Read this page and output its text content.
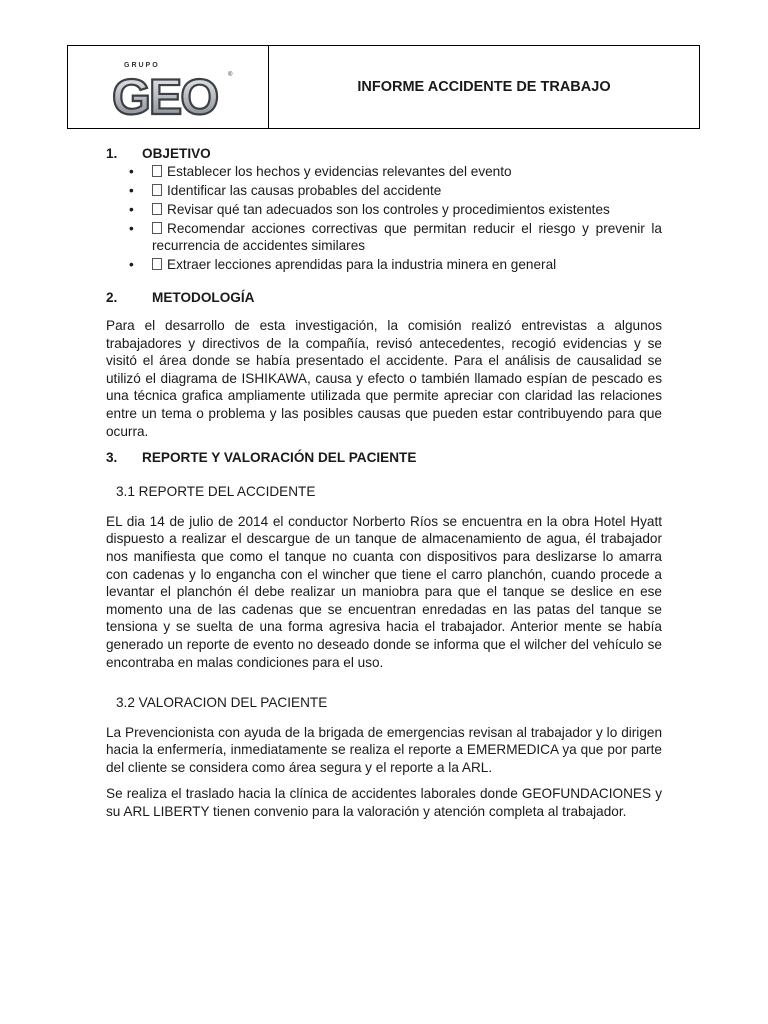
GRUPO
GEO ®
INFORME ACCIDENTE DE TRABAJO
1.	OBJETIVO
• Establecer los hechos y evidencias relevantes del evento
• Identificar las causas probables del accidente
• Revisar qué tan adecuados son los controles y procedimientos existentes
• Recomendar acciones correctivas que permitan reducir el riesgo y prevenir la recurrencia de accidentes similares
• Extraer lecciones aprendidas para la industria minera en general
2.	METODOLOGÍA

Para el desarrollo de esta investigación, la comisión realizó entrevistas a algunos trabajadores y directivos de la compañía, revisó antecedentes, recogió evidencias y se visitó el área donde se había presentado el accidente. Para el análisis de causalidad se utilizó el diagrama de ISHIKAWA, causa y efecto o también llamado espían de pescado es una técnica grafica ampliamente utilizada que permite apreciar con claridad las relaciones entre un tema o problema y las posibles causas que pueden estar contribuyendo para que ocurra.

3.	REPORTE Y VALORACIÓN DEL PACIENTE

3.1 REPORTE DEL ACCIDENTE

EL dia 14 de julio de 2014 el conductor Norberto Ríos se encuentra en la obra Hotel Hyatt dispuesto a realizar el descargue de un tanque de almacenamiento de agua, él trabajador nos manifiesta que como el tanque no cuanta con dispositivos para deslizarse lo amarra con cadenas y lo engancha con el wincher que tiene el carro planchón, cuando procede a levantar el planchón él debe realizar un maniobra para que el tanque se deslice en ese momento una de las cadenas que se encuentran enredadas en las patas del tanque se tensiona y se suelta de una forma agresiva hacia el trabajador. Anterior mente se había generado un reporte de evento no deseado donde se informa que el wilcher del vehículo se encontraba en malas condiciones para el uso.

3.2 VALORACION DEL PACIENTE

La Prevencionista con ayuda de la brigada de emergencias revisan al trabajador y lo dirigen hacia la enfermería, inmediatamente se realiza el reporte a EMERMEDICA ya que por parte del cliente se considera como área segura y el reporte a la ARL.

Se realiza el traslado hacia la clínica de accidentes laborales donde GEOFUNDACIONES y su ARL LIBERTY tienen convenio para la valoración y atención completa al trabajador.
